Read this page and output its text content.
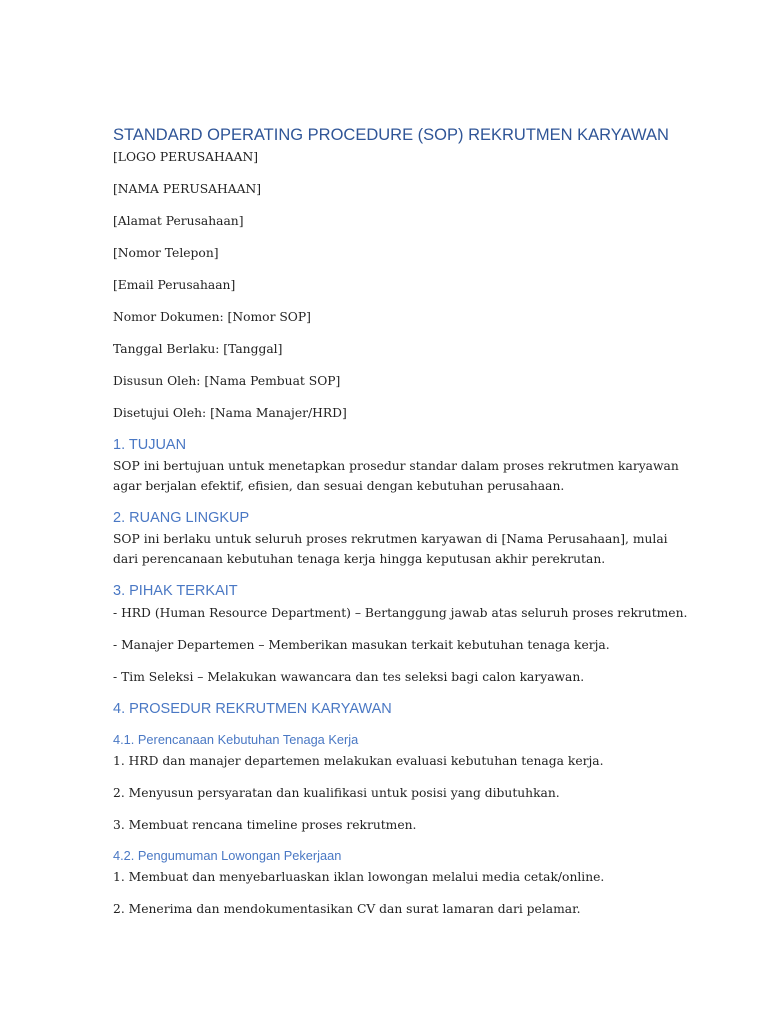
STANDARD OPERATING PROCEDURE (SOP) REKRUTMEN KARYAWAN
[LOGO PERUSAHAAN]
[NAMA PERUSAHAAN]
[Alamat Perusahaan]
[Nomor Telepon]
[Email Perusahaan]
Nomor Dokumen: [Nomor SOP]
Tanggal Berlaku: [Tanggal]
Disusun Oleh: [Nama Pembuat SOP]
Disetujui Oleh: [Nama Manajer/HRD]
1. TUJUAN
SOP ini bertujuan untuk menetapkan prosedur standar dalam proses rekrutmen karyawan
agar berjalan efektif, efisien, dan sesuai dengan kebutuhan perusahaan.
2. RUANG LINGKUP
SOP ini berlaku untuk seluruh proses rekrutmen karyawan di [Nama Perusahaan], mulai
dari perencanaan kebutuhan tenaga kerja hingga keputusan akhir perekrutan.
3. PIHAK TERKAIT
- HRD (Human Resource Department) – Bertanggung jawab atas seluruh proses rekrutmen.
- Manajer Departemen – Memberikan masukan terkait kebutuhan tenaga kerja.
- Tim Seleksi – Melakukan wawancara dan tes seleksi bagi calon karyawan.
4. PROSEDUR REKRUTMEN KARYAWAN
4.1. Perencanaan Kebutuhan Tenaga Kerja
1. HRD dan manajer departemen melakukan evaluasi kebutuhan tenaga kerja.
2. Menyusun persyaratan dan kualifikasi untuk posisi yang dibutuhkan.
3. Membuat rencana timeline proses rekrutmen.
4.2. Pengumuman Lowongan Pekerjaan
1. Membuat dan menyebarluaskan iklan lowongan melalui media cetak/online.
2. Menerima dan mendokumentasikan CV dan surat lamaran dari pelamar.
